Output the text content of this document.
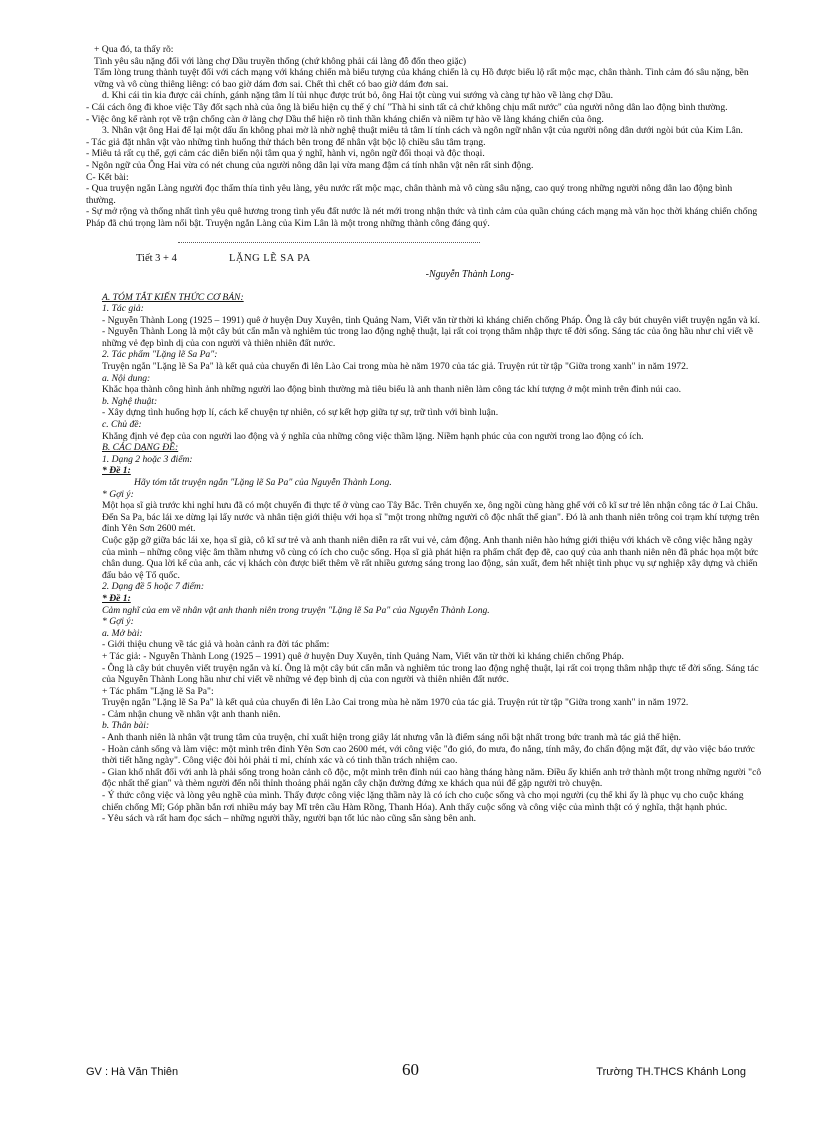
+ Qua đó, ta thấy rõ:
Tình yêu sâu nặng đối với làng chợ Dầu truyền thống (chứ không phải cái làng đỗ đốn theo giặc)
Tấm lòng trung thành tuyệt đối với cách mạng với kháng chiến mà biểu tượng của kháng chiến là cụ Hồ được biểu lộ rất mộc mạc, chân thành. Tình cảm đó sâu nặng, bền vững và vô cùng thiêng liêng: có bao giờ dám đơn sai. Chết thì chết có bao giờ dám đơn sai.
d. Khi cái tin kia được cải chính, gánh nặng tâm lí tủi nhục được trút bỏ, ông Hai tột cùng vui sướng và càng tự hào về làng chợ Dầu.
- Cái cách ông đi khoe việc Tây đốt sạch nhà của ông là biểu hiện cụ thể ý chí "Thà hi sinh tất cả chứ không chịu mất nước" của người nông dân lao động bình thường.
- Việc ông kể rành rọt về trận chống càn ở làng chợ Dầu thể hiện rõ tinh thần kháng chiến và niềm tự hào về làng kháng chiến của ông.
3. Nhân vật ông Hai để lại một dấu ấn không phai mờ là nhờ nghệ thuật miêu tả tâm lí tính cách và ngôn ngữ nhân vật của người nông dân dưới ngòi bút của Kim Lân.
- Tác giả đặt nhân vật vào những tình huống thử thách bên trong để nhân vật bộc lộ chiều sâu tâm trạng.
- Miêu tả rất cụ thể, gợi cảm các diễn biến nội tâm qua ý nghĩ, hành vi, ngôn ngữ đối thoại và độc thoại.
- Ngôn ngữ của Ông Hai vừa có nét chung của người nông dân lại vừa mang đậm cá tính nhân vật nên rất sinh động.
C- Kết bài:
- Qua truyện ngắn Làng người đọc thấm thía tình yêu làng, yêu nước rất mộc mạc, chân thành mà vô cùng sâu nặng, cao quý trong những người nông dân lao động bình thường.
- Sự mở rộng và thống nhất tình yêu quê hương trong tình yếu đất nước là nét mới trong nhận thức và tình cảm của quần chúng cách mạng mà văn học thời kháng chiến chống Pháp đã chú trọng làm nổi bật. Truyện ngắn Làng của Kim Lân là một trong những thành công đáng quý.
Tiết 3 + 4	LẶNG LẼ SA PA
-Nguyễn Thành Long-
A. TÓM TẮT KIẾN THỨC CƠ BẢN:
1. Tác giả:
- Nguyễn Thành Long (1925 – 1991) quê ở huyện Duy Xuyên, tỉnh Quảng Nam, Viết văn từ thời kì kháng chiến chống Pháp. Ông là cây bút chuyên viết truyện ngắn và kí.
- Nguyễn Thành Long là một cây bút cẩn mẫn và nghiêm túc trong lao động nghệ thuật, lại rất coi trọng thâm nhập thực tế đời sống. Sáng tác của ông hầu như chỉ viết về những vẻ đẹp bình dị của con người và thiên nhiên đất nước.
2. Tác phẩm "Lặng lẽ Sa Pa":
Truyện ngắn "Lặng lẽ Sa Pa" là kết quả của chuyến đi lên Lào Cai trong mùa hè năm 1970 của tác giả. Truyện rút từ tập "Giữa trong xanh" in năm 1972.
a. Nội dung:
Khắc họa thành công hình ảnh những người lao động bình thường mà tiêu biểu là anh thanh niên làm công tác khí tượng ở một mình trên đỉnh núi cao.
b. Nghệ thuật:
- Xây dựng tình huống hợp lí, cách kể chuyện tự nhiên, có sự kết hợp giữa tự sự, trữ tình với bình luận.
c. Chủ đề:
Khẳng định vẻ đẹp của con người lao động và ý nghĩa của những công việc thầm lặng. Niềm hạnh phúc của con người trong lao động có ích.
B. CÁC DẠNG ĐỀ:
1. Dạng 2 hoặc 3 điểm:
* Đề 1:
Hãy tóm tắt truyện ngắn "Lặng lẽ Sa Pa" của Nguyễn Thành Long.
* Gợi ý:
Một họa sĩ già trước khi nghỉ hưu đã có một chuyến đi thực tế ở vùng cao Tây Bắc. Trên chuyến xe, ông ngồi cùng hàng ghế với cô kĩ sư trẻ lên nhận công tác ở Lai Châu. Đến Sa Pa, bác lái xe dừng lại lấy nước và nhân tiện giới thiệu với họa sĩ "một trong những người cô độc nhất thế gian". Đó là anh thanh niên trông coi trạm khí tượng trên đỉnh Yên Sơn 2600 mét.
Cuộc gặp gỡ giữa bác lái xe, họa sĩ già, cô kĩ sư trẻ và anh thanh niên diễn ra rất vui vẻ, cảm động. Anh thanh niên hào hứng giới thiệu với khách về công việc hằng ngày của mình – những công việc âm thầm nhưng vô cùng có ích cho cuộc sống. Họa sĩ già phát hiện ra phẩm chất đẹp đẽ, cao quý của anh thanh niên nên đã phác họa một bức chân dung. Qua lời kể của anh, các vị khách còn được biết thêm về rất nhiều gương sáng trong lao động, sản xuất, đem hết nhiệt tình phục vụ sự nghiệp xây dựng và chiến đấu bảo vệ Tổ quốc.
2. Dạng đề 5 hoặc 7 điểm:
* Đề 1:
Cảm nghĩ của em về nhân vật anh thanh niên trong truyện "Lặng lẽ Sa Pa" của Nguyễn Thành Long.
* Gợi ý:
a. Mở bài:
- Giới thiệu chung về tác giả và hoàn cảnh ra đời tác phẩm:
+ Tác giả: - Nguyễn Thành Long (1925 – 1991) quê ở huyện Duy Xuyên, tỉnh Quảng Nam, Viết văn từ thời kì kháng chiến chống Pháp.
- Ông là cây bút chuyên viết truyện ngắn và kí. Ông là một cây bút cẩn mẫn và nghiêm túc trong lao động nghệ thuật, lại rất coi trọng thâm nhập thực tế đời sống. Sáng tác của Nguyễn Thành Long hầu như chỉ viết về những vẻ đẹp bình dị của con người và thiên nhiên đất nước.
+ Tác phẩm "Lặng lẽ Sa Pa":
Truyện ngắn "Lặng lẽ Sa Pa" là kết quả của chuyến đi lên Lào Cai trong mùa hè năm 1970 của tác giả. Truyện rút từ tập "Giữa trong xanh" in năm 1972.
- Cảm nhận chung về nhân vật anh thanh niên.
b. Thân bài:
- Anh thanh niên là nhân vật trung tâm của truyện, chỉ xuất hiện trong giây lát nhưng vẫn là điểm sáng nổi bật nhất trong bức tranh mà tác giả thể hiện.
- Hoàn cảnh sống và làm việc: một mình trên đỉnh Yên Sơn cao 2600 mét, với công việc "đo gió, đo mưa, đo nắng, tính mây, đo chấn động mặt đất, dự vào việc báo trước thời tiết hằng ngày". Công việc đòi hỏi phải tỉ mỉ, chính xác và có tinh thần trách nhiệm cao.
- Gian khổ nhất đối với anh là phải sống trong hoàn cảnh cô độc, một mình trên đỉnh núi cao hàng tháng hàng năm. Điều ấy khiến anh trở thành một trong những người "cô độc nhất thế gian" và thèm người đến nỗi thỉnh thoảng phải ngăn cây chặn đường đứng xe khách qua núi để gặp người trò chuyện.
- Ý thức công việc và lòng yêu nghề của mình. Thấy được công việc lặng thầm này là có ích cho cuộc sống và cho mọi người (cụ thể khi ấy là phục vụ cho cuộc kháng chiến chống Mĩ; Góp phần bắn rơi nhiều máy bay Mĩ trên cầu Hàm Rồng, Thanh Hóa). Anh thấy cuộc sống và công việc của mình thật có ý nghĩa, thật hạnh phúc.
- Yêu sách và rất ham đọc sách – những người thầy, người bạn tốt lúc nào cũng sẵn sàng bên anh.
GV : Hà Văn Thiên	60	Trường TH.THCS Khánh Long
